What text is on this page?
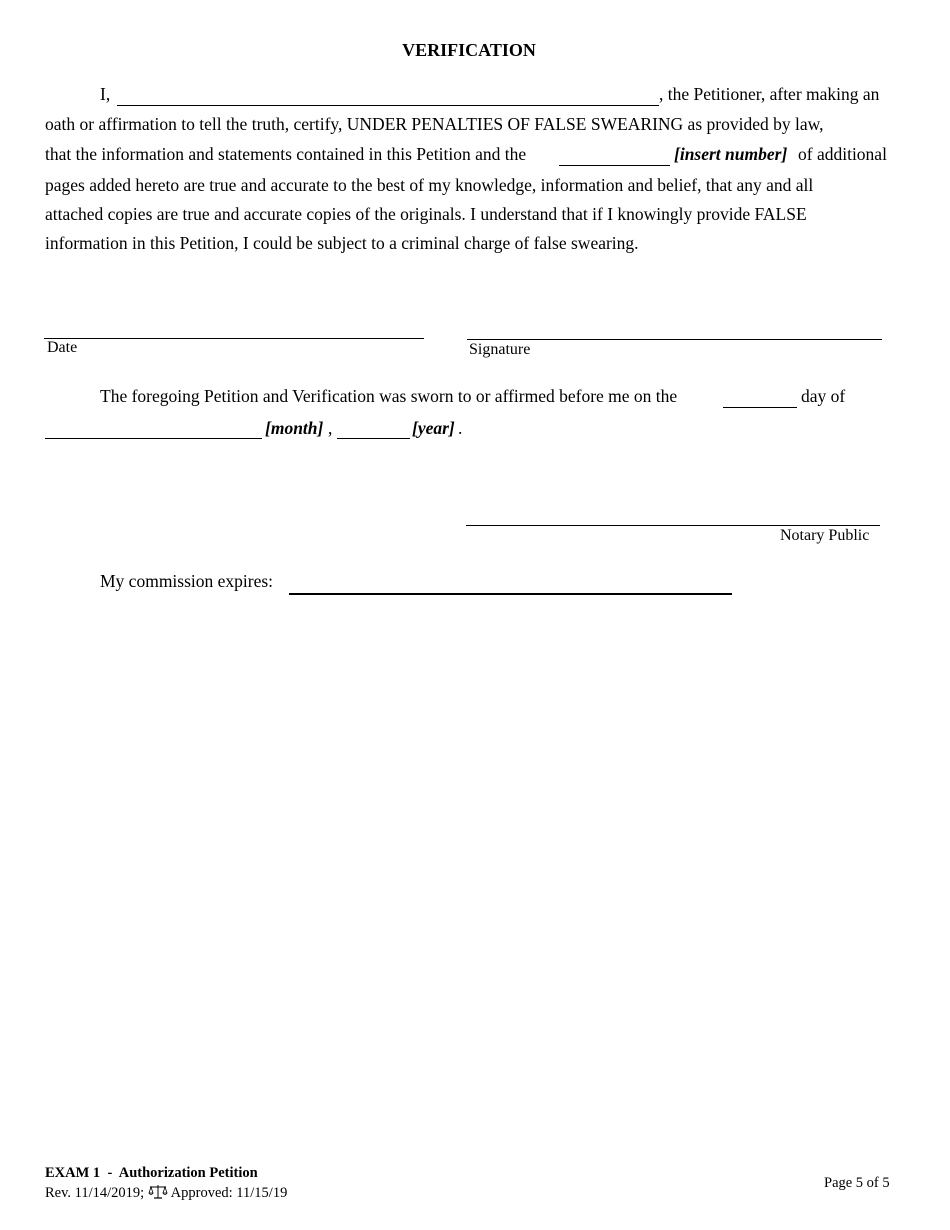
VERIFICATION
I,	, the Petitioner, after making an
oath or affirmation to tell the truth, certify, UNDER PENALTIES OF FALSE SWEARING as provided by law,
that the information and statements contained in this Petition and the	[insert number] of additional
pages added hereto are true and accurate to the best of my knowledge, information and belief, that any and all
attached copies are true and accurate copies of the originals. I understand that if I knowingly provide FALSE
information in this Petition, I could be subject to a criminal charge of false swearing.
Date	Signature
The foregoing Petition and Verification was sworn to or affirmed before me on the	day of
[month] ,	[year] .
Notary Public
My commission expires:
EXAM 1 - Authorization Petition
Rev. 11/14/2019; Approved: 11/15/19
Page 5 of 5
